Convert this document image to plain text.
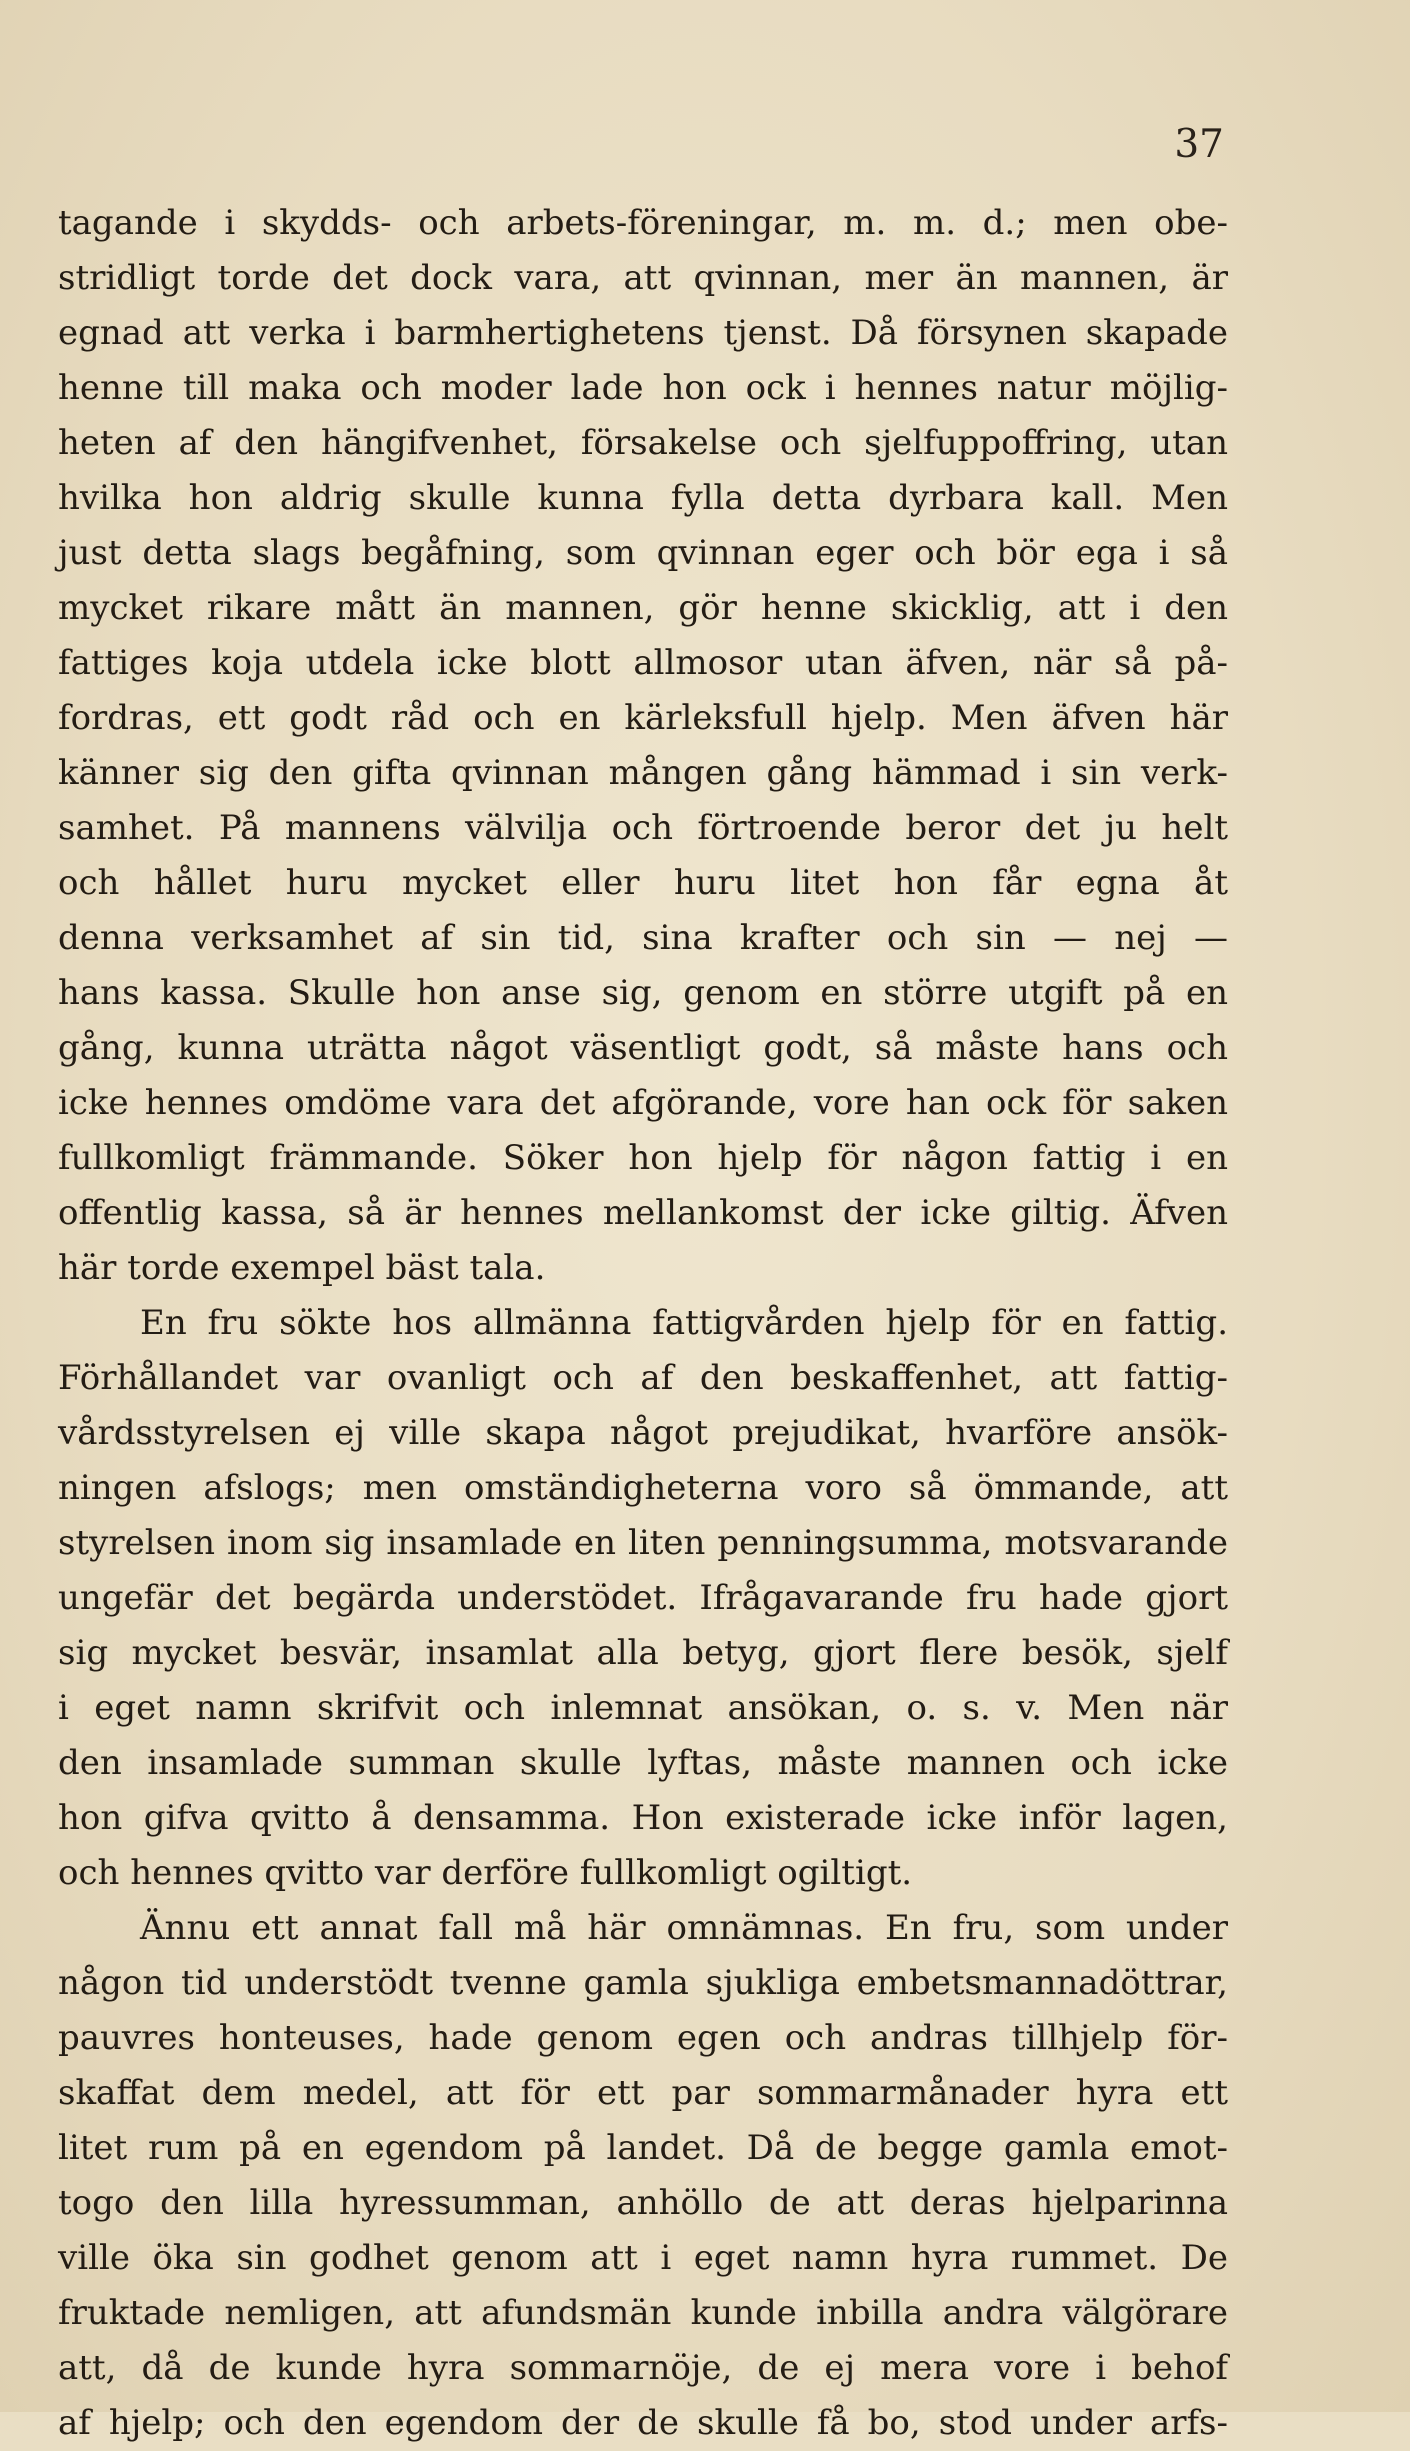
37

tagande i skydds- och arbets-föreningar, m. m. d.; men obe-
stridligt torde det dock vara, att qvinnan, mer än mannen, är
egnad att verka i barmhertighetens tjenst. Då försynen skapade
henne till maka och moder lade hon ock i hennes natur möjlig-
heten af den hängifvenhet, försakelse och sjelfuppoffring, utan
hvilka hon aldrig skulle kunna fylla detta dyrbara kall. Men
just detta slags begåfning, som qvinnan eger och bör ega i så
mycket rikare mått än mannen, gör henne skicklig, att i den
fattiges koja utdela icke blott allmosor utan äfven, när så på-
fordras, ett godt råd och en kärleksfull hjelp. Men äfven här
känner sig den gifta qvinnan mången gång hämmad i sin verk-
samhet. På mannens välvilja och förtroende beror det ju helt
och hållet huru mycket eller huru litet hon får egna åt
denna verksamhet af sin tid, sina krafter och sin — nej —
hans kassa. Skulle hon anse sig, genom en större utgift på en
gång, kunna uträtta något väsentligt godt, så måste hans och
icke hennes omdöme vara det afgörande, vore han ock för saken
fullkomligt främmande. Söker hon hjelp för någon fattig i en
offentlig kassa, så är hennes mellankomst der icke giltig. Äfven
här torde exempel bäst tala.
En fru sökte hos allmänna fattigvården hjelp för en fattig.
Förhållandet var ovanligt och af den beskaffenhet, att fattig-
vårdsstyrelsen ej ville skapa något prejudikat, hvarföre ansök-
ningen afslogs; men omständigheterna voro så ömmande, att
styrelsen inom sig insamlade en liten penningsumma, motsvarande
ungefär det begärda understödet. Ifrågavarande fru hade gjort
sig mycket besvär, insamlat alla betyg, gjort flere besök, sjelf
i eget namn skrifvit och inlemnat ansökan, o. s. v. Men när
den insamlade summan skulle lyftas, måste mannen och icke
hon gifva qvitto å densamma. Hon existerade icke inför lagen,
och hennes qvitto var derföre fullkomligt ogiltigt.
Ännu ett annat fall må här omnämnas. En fru, som under
någon tid understödt tvenne gamla sjukliga embetsmannadöttrar,
pauvres honteuses, hade genom egen och andras tillhjelp för-
skaffat dem medel, att för ett par sommarmånader hyra ett
litet rum på en egendom på landet. Då de begge gamla emot-
togo den lilla hyressumman, anhöllo de att deras hjelparinna
ville öka sin godhet genom att i eget namn hyra rummet. De
fruktade nemligen, att afundsmän kunde inbilla andra välgörare
att, då de kunde hyra sommarnöje, de ej mera vore i behof
af hjelp; och den egendom der de skulle få bo, stod under arfs-
